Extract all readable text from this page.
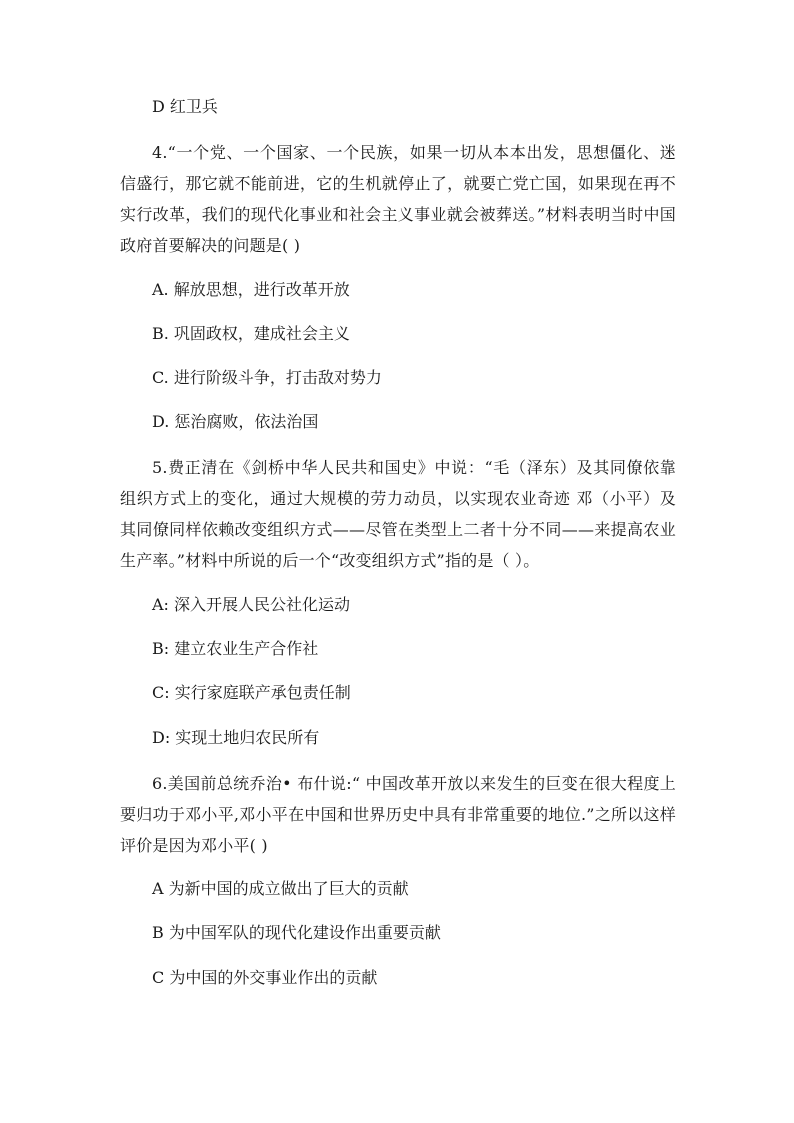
D 红卫兵
4.“一个党、一个国家、一个民族，如果一切从本本出发，思想僵化、迷信盛行，那它就不能前进，它的生机就停止了，就要亡党亡国，如果现在再不实行改革，我们的现代化事业和社会主义事业就会被葬送。”材料表明当时中国政府首要解决的问题是( )
A. 解放思想，进行改革开放
B. 巩固政权，建成社会主义
C. 进行阶级斗争，打击敌对势力
D. 惩治腐败，依法治国
5.费正清在《剑桥中华人民共和国史》中说：“毛（泽东）及其同僚依靠组织方式上的变化，通过大规模的劳力动员，以实现农业奇迹 邓（小平）及其同僚同样依赖改变组织方式——尽管在类型上二者十分不同——来提高农业生产率。”材料中所说的后一个“改变组织方式”指的是（ ）。
A: 深入开展人民公社化运动
B: 建立农业生产合作社
C: 实行家庭联产承包责任制
D: 实现土地归农民所有
6.美国前总统乔治• 布什说:“ 中国改革开放以来发生的巨变在很大程度上要归功于邓小平,邓小平在中国和世界历史中具有非常重要的地位.”之所以这样评价是因为邓小平( )
A 为新中国的成立做出了巨大的贡献
B 为中国军队的现代化建设作出重要贡献
C 为中国的外交事业作出的贡献
